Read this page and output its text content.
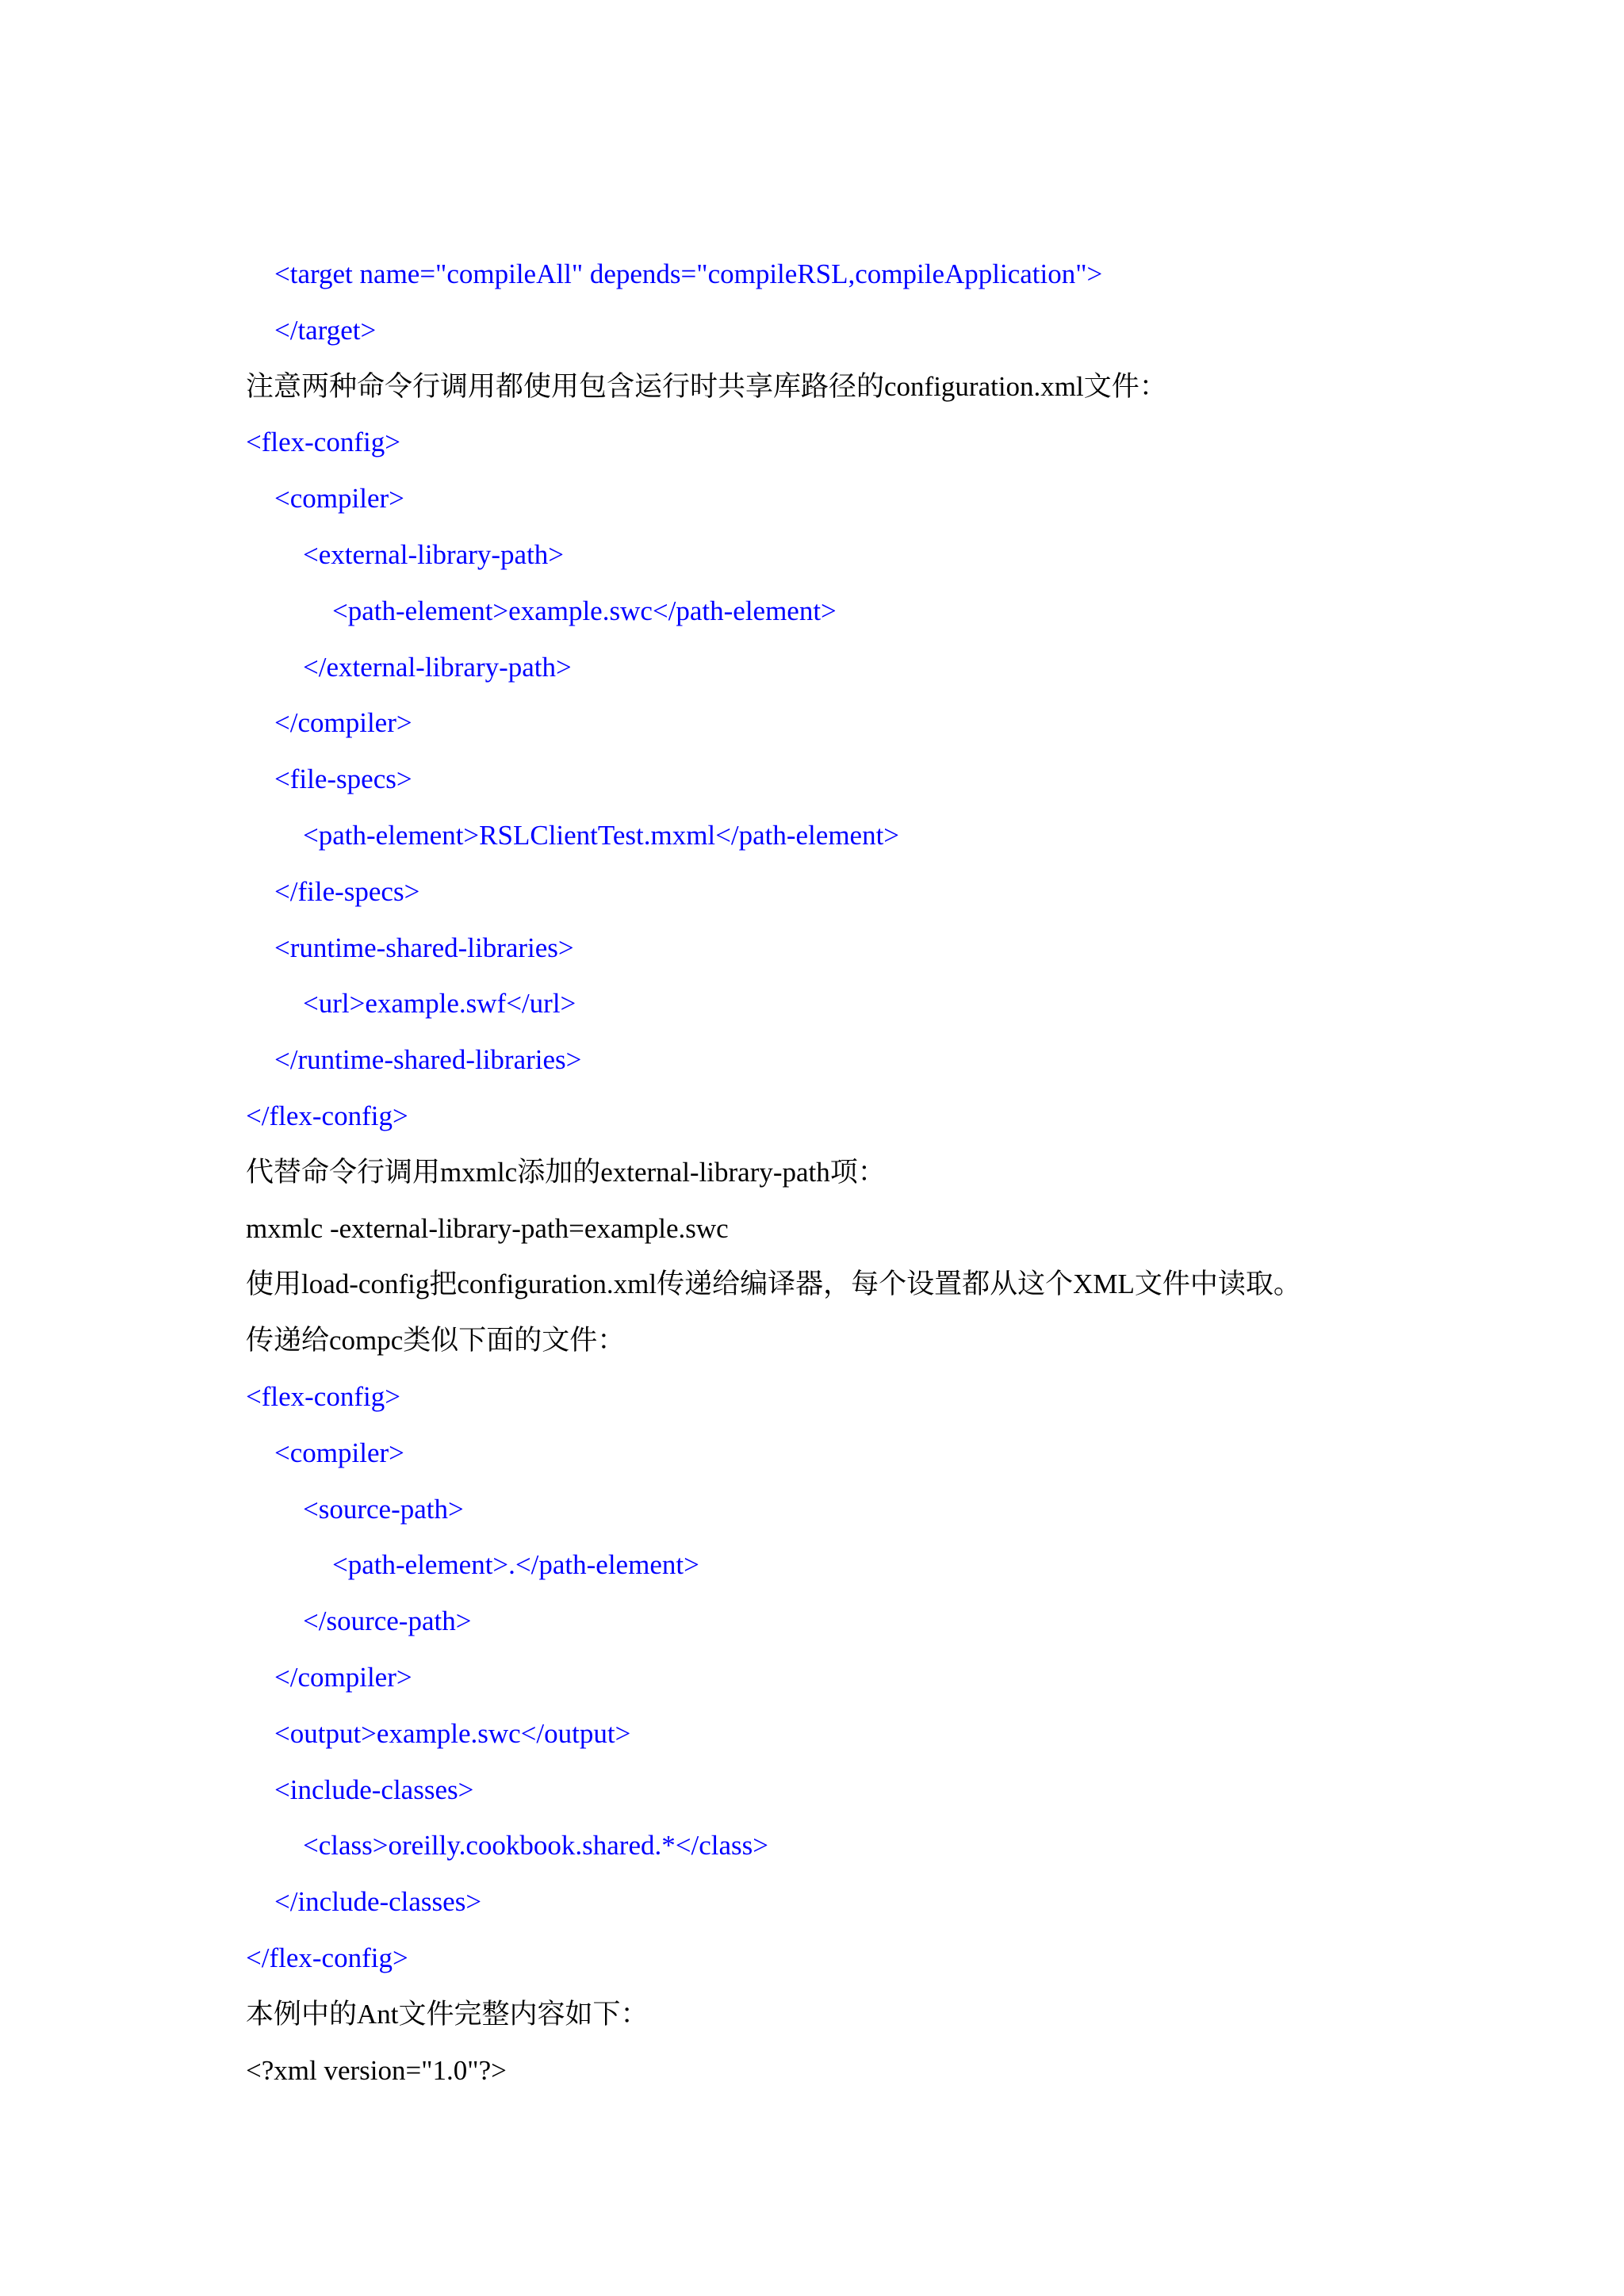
<target name="compileAll" depends="compileRSL,compileApplication">
</target>
注意两种命令行调用都使用包含运行时共享库路径的configuration.xml文件：
<flex-config>
<compiler>
<external-library-path>
<path-element>example.swc</path-element>
</external-library-path>
</compiler>
<file-specs>
<path-element>RSLClientTest.mxml</path-element>
</file-specs>
<runtime-shared-libraries>
<url>example.swf</url>
</runtime-shared-libraries>
</flex-config>
代替命令行调用mxmlc添加的external-library-path项：
mxmlc -external-library-path=example.swc
使用load-config把configuration.xml传递给编译器，每个设置都从这个XML文件中读取。
传递给compc类似下面的文件：
<flex-config>
<compiler>
<source-path>
<path-element>.</path-element>
</source-path>
</compiler>
<output>example.swc</output>
<include-classes>
<class>oreilly.cookbook.shared.*</class>
</include-classes>
</flex-config>
本例中的Ant文件完整内容如下：
<?xml version="1.0"?>
